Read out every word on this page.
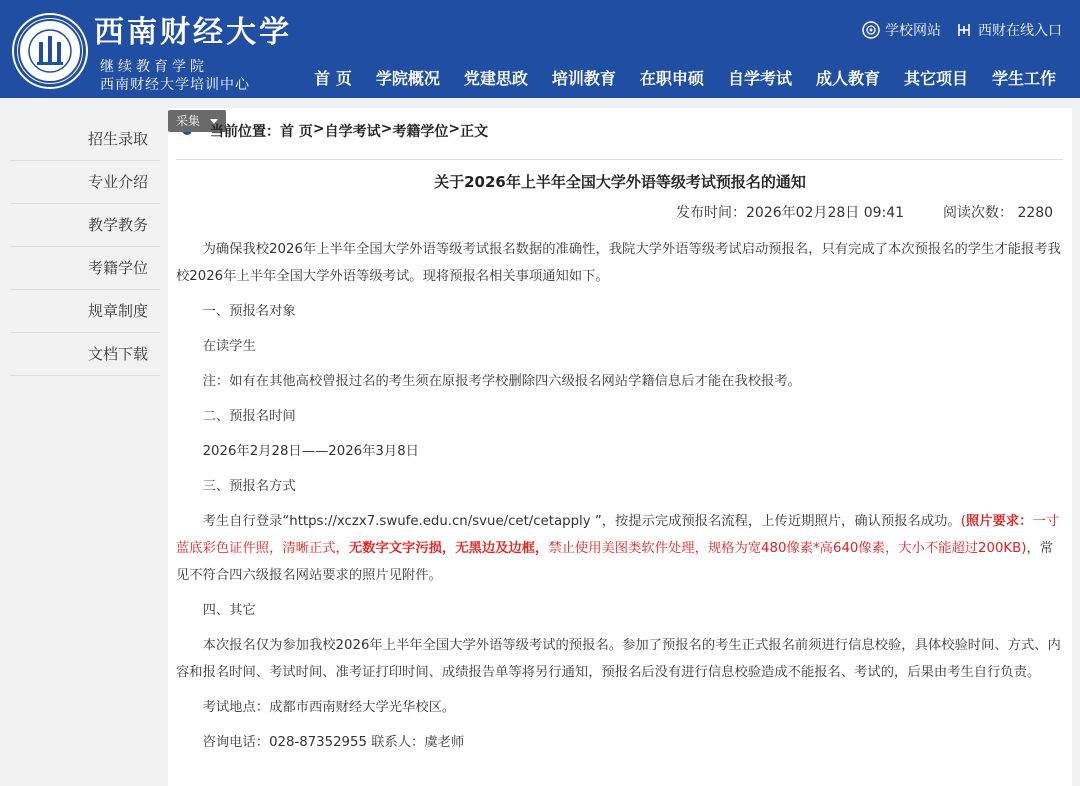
西南财经大学
继续教育学院
西南财经大学培训中心
学校网站	西财在线入口
首 页	学院概况	党建思政	培训教育	在职申硕	自学考试	成人教育	其它项目	学生工作
招生录取
专业介绍
教学教务
考籍学位
规章制度
文档下载
采集
当前位置： 首 页 > 自学考试 > 考籍学位 > 正文
关于2026年上半年全国大学外语等级考试预报名的通知
发布时间：2026年02月28日 09:41	阅读次数： 2280

为确保我校2026年上半年全国大学外语等级考试报名数据的准确性，我院大学外语等级考试启动预报名，只有完成了本次预报名的学生才能报考我校2026年上半年全国大学外语等级考试。现将预报名相关事项通知如下。

一、预报名对象

在读学生

注：如有在其他高校曾报过名的考生须在原报考学校删除四六级报名网站学籍信息后才能在我校报考。

二、预报名时间

2026年2月28日——2026年3月8日

三、预报名方式

考生自行登录“https://xczx7.swufe.edu.cn/svue/cet/cetapply ”，按提示完成预报名流程，上传近期照片，确认预报名成功。(照片要求：一寸蓝底彩色证件照，清晰正式，无数字文字污损，无黑边及边框，禁止使用美图类软件处理，规格为宽480像素*高640像素，大小不能超过200KB)，常见不符合四六级报名网站要求的照片见附件。

四、其它

本次报名仅为参加我校2026年上半年全国大学外语等级考试的预报名。参加了预报名的考生正式报名前须进行信息校验，具体校验时间、方式、内容和报名时间、考试时间、准考证打印时间、成绩报告单等将另行通知，预报名后没有进行信息校验造成不能报名、考试的，后果由考生自行负责。

考试地点：成都市西南财经大学光华校区。

咨询电话：028-87352955 联系人：虞老师
